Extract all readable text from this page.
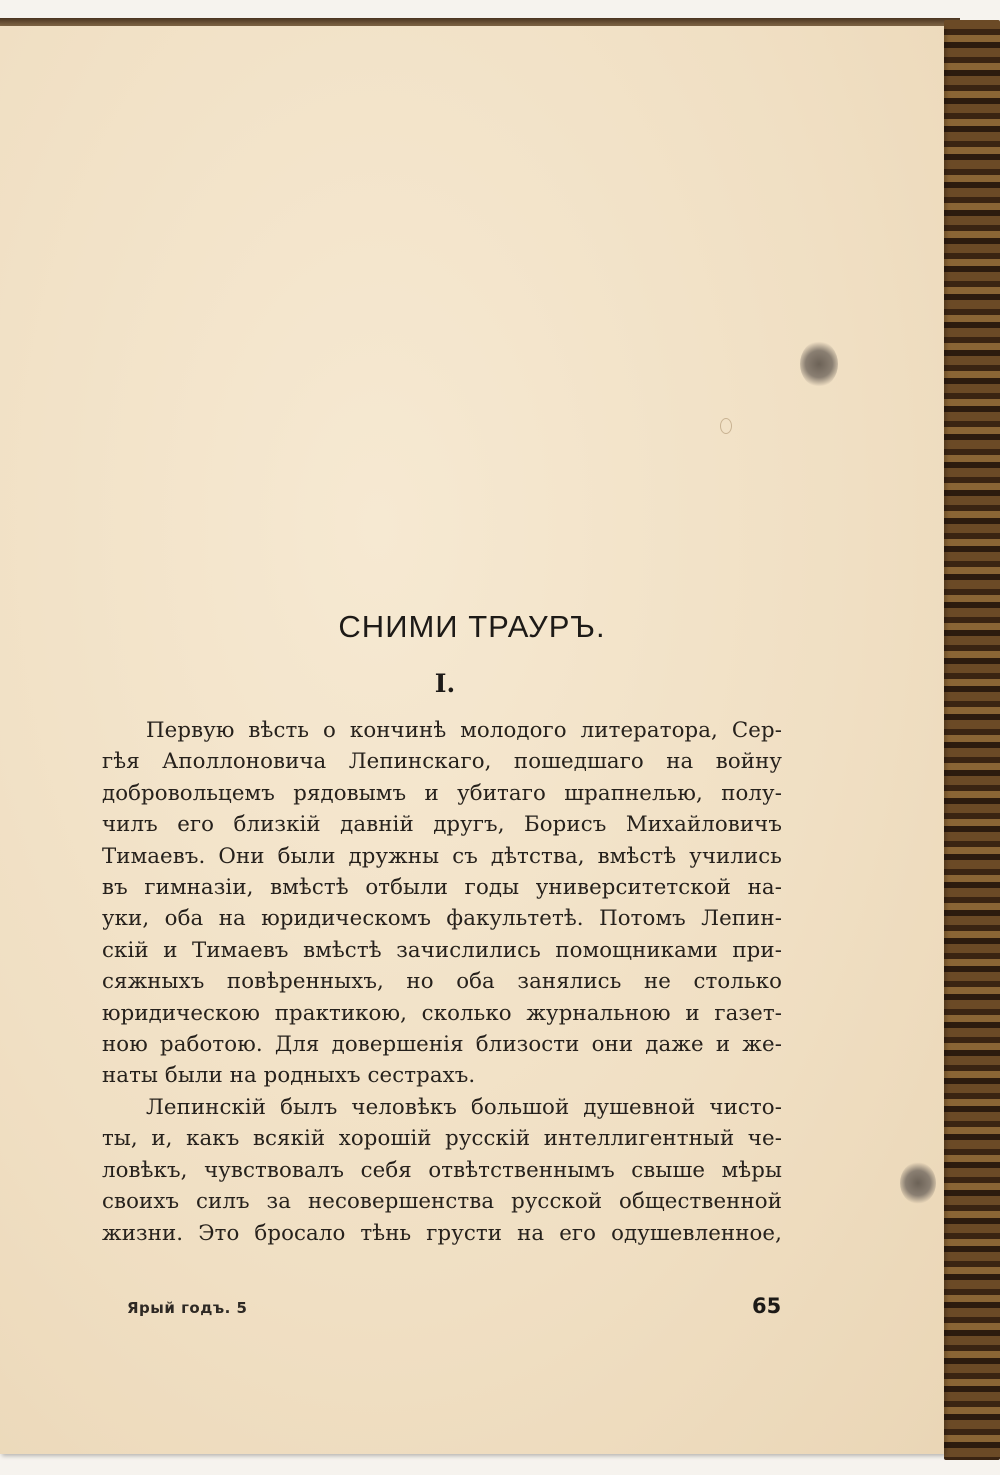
СНИМИ ТРАУРЪ.
I.
Первую вѣсть о кончинѣ молодого литератора, Сер-
гѣя Аполлоновича Лепинскаго, пошедшаго на войну
добровольцемъ рядовымъ и убитаго шрапнелью, полу-
чилъ его близкій давній другъ, Борисъ Михайловичъ
Тимаевъ. Они были дружны съ дѣтства, вмѣстѣ учились
въ гимназіи, вмѣстѣ отбыли годы университетской на-
уки, оба на юридическомъ факультетѣ. Потомъ Лепин-
скій и Тимаевъ вмѣстѣ зачислились помощниками при-
сяжныхъ повѣренныхъ, но оба занялись не столько
юридическою практикою, сколько журнальною и газет-
ною работою. Для довершенія близости они даже и же-
наты были на родныхъ сестрахъ.
Лепинскій былъ человѣкъ большой душевной чисто-
ты, и, какъ всякій хорошій русскій интеллигентный че-
ловѣкъ, чувствовалъ себя отвѣтственнымъ свыше мѣры
своихъ силъ за несовершенства русской общественной
жизни. Это бросало тѣнь грусти на его одушевленное,
Ярый годъ. 5	65
